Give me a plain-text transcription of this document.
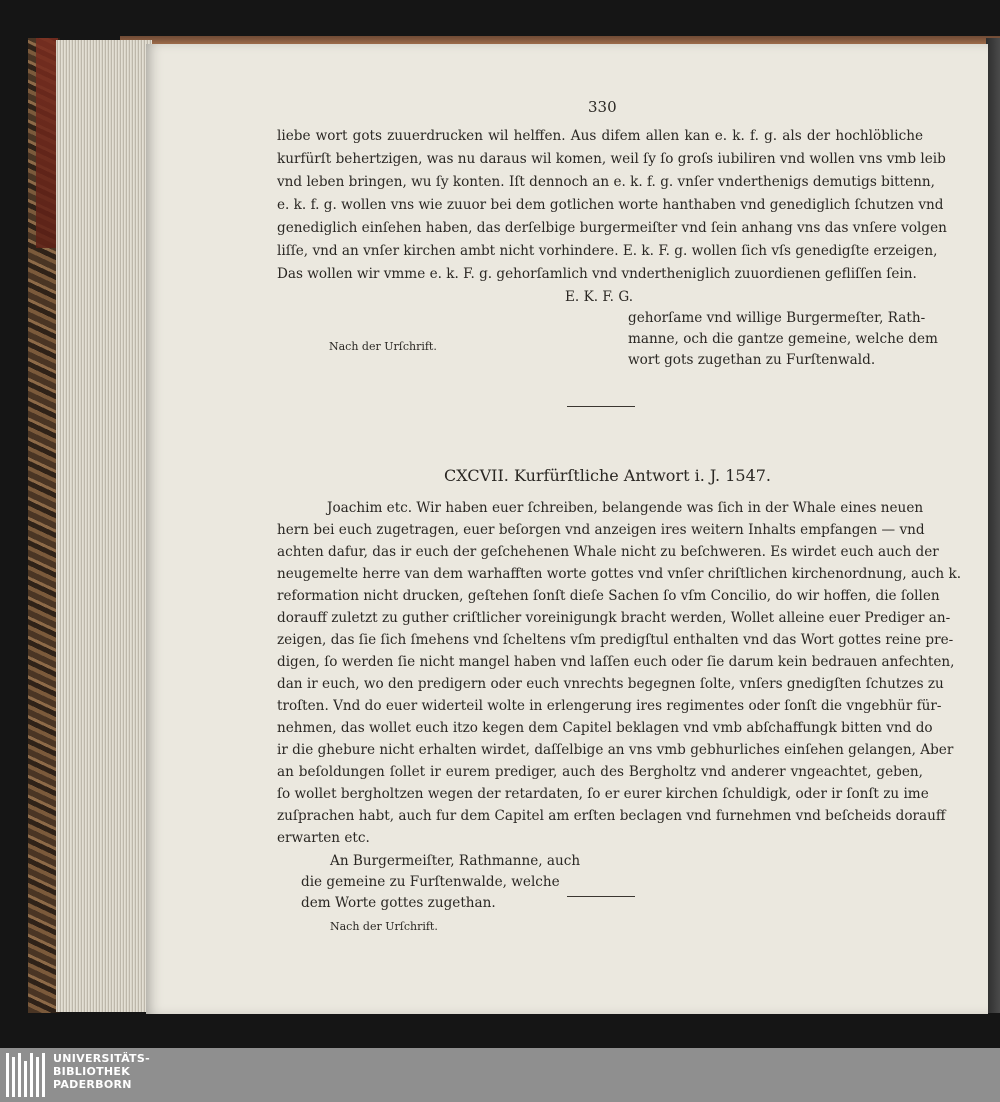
330
liebe wort gots zuuerdrucken wil helffen. Aus difem allen kan e. k. f. g. als der hochlöbliche
kurfürſt behertzigen, was nu daraus wil komen, weil ſy ſo groſs iubiliren vnd wollen vns vmb leib
vnd leben bringen, wu ſy konten. Iſt dennoch an e. k. f. g. vnſer vnderthenigs demutigs bittenn,
e. k. f. g. wollen vns wie zuuor bei dem gotlichen worte hanthaben vnd genediglich ſchutzen vnd
genediglich einſehen haben, das derſelbige burgermeiſter vnd ſein anhang vns das vnſere volgen
liſſe, vnd an vnſer kirchen ambt nicht vorhindere. E. k. F. g. wollen ſich vſs genedigſte erzeigen,
Das wollen wir vmme e. k. F. g. gehorſamlich vnd vndertheniglich zuuordienen gefliſſen ſein.
E. K. F. G.
gehorſame vnd willige Burgermeſter, Rath-
manne, och die gantze gemeine, welche dem
wort gots zugethan zu Furſtenwald.
Nach der Urſchrift.
CXCVII. Kurfürſtliche Antwort i. J. 1547.
Joachim etc. Wir haben euer ſchreiben, belangende was ſich in der Whale eines neuen
hern bei euch zugetragen, euer beſorgen vnd anzeigen ires weitern Inhalts empfangen — vnd
achten dafur, das ir euch der geſchehenen Whale nicht zu beſchweren. Es wirdet euch auch der
neugemelte herre van dem warhafften worte gottes vnd vnſer chriſtlichen kirchenordnung, auch k.
reformation nicht drucken, geſtehen ſonſt dieſe Sachen ſo vſm Concilio, do wir hoffen, die ſollen
dorauff zuletzt zu guther criſtlicher voreinigungk bracht werden, Wollet alleine euer Prediger an-
zeigen, das ſie ſich ſmehens vnd ſcheltens vſm predigſtul enthalten vnd das Wort gottes reine pre-
digen, ſo werden ſie nicht mangel haben vnd laſſen euch oder ſie darum kein bedrauen anfechten,
dan ir euch, wo den predigern oder euch vnrechts begegnen ſolte, vnſers gnedigſten ſchutzes zu
troſten. Vnd do euer widerteil wolte in erlengerung ires regimentes oder ſonſt die vngebhür für-
nehmen, das wollet euch itzo kegen dem Capitel beklagen vnd vmb abſchaffungk bitten vnd do
ir die ghebure nicht erhalten wirdet, daſſelbige an vns vmb gebhurliches einſehen gelangen, Aber
an beſoldungen ſollet ir eurem prediger, auch des Bergholtz vnd anderer vngeachtet, geben,
ſo wollet bergholtzen wegen der retardaten, ſo er eurer kirchen ſchuldigk, oder ir ſonſt zu ime
zuſprachen habt, auch fur dem Capitel am erſten beclagen vnd furnehmen vnd beſcheids dorauff
erwarten etc.
An Burgermeiſter, Rathmanne, auch
die gemeine zu Furſtenwalde, welche
dem Worte gottes zugethan.
Nach der Urſchrift.
UNIVERSITÄTS-
BIBLIOTHEK
PADERBORN
